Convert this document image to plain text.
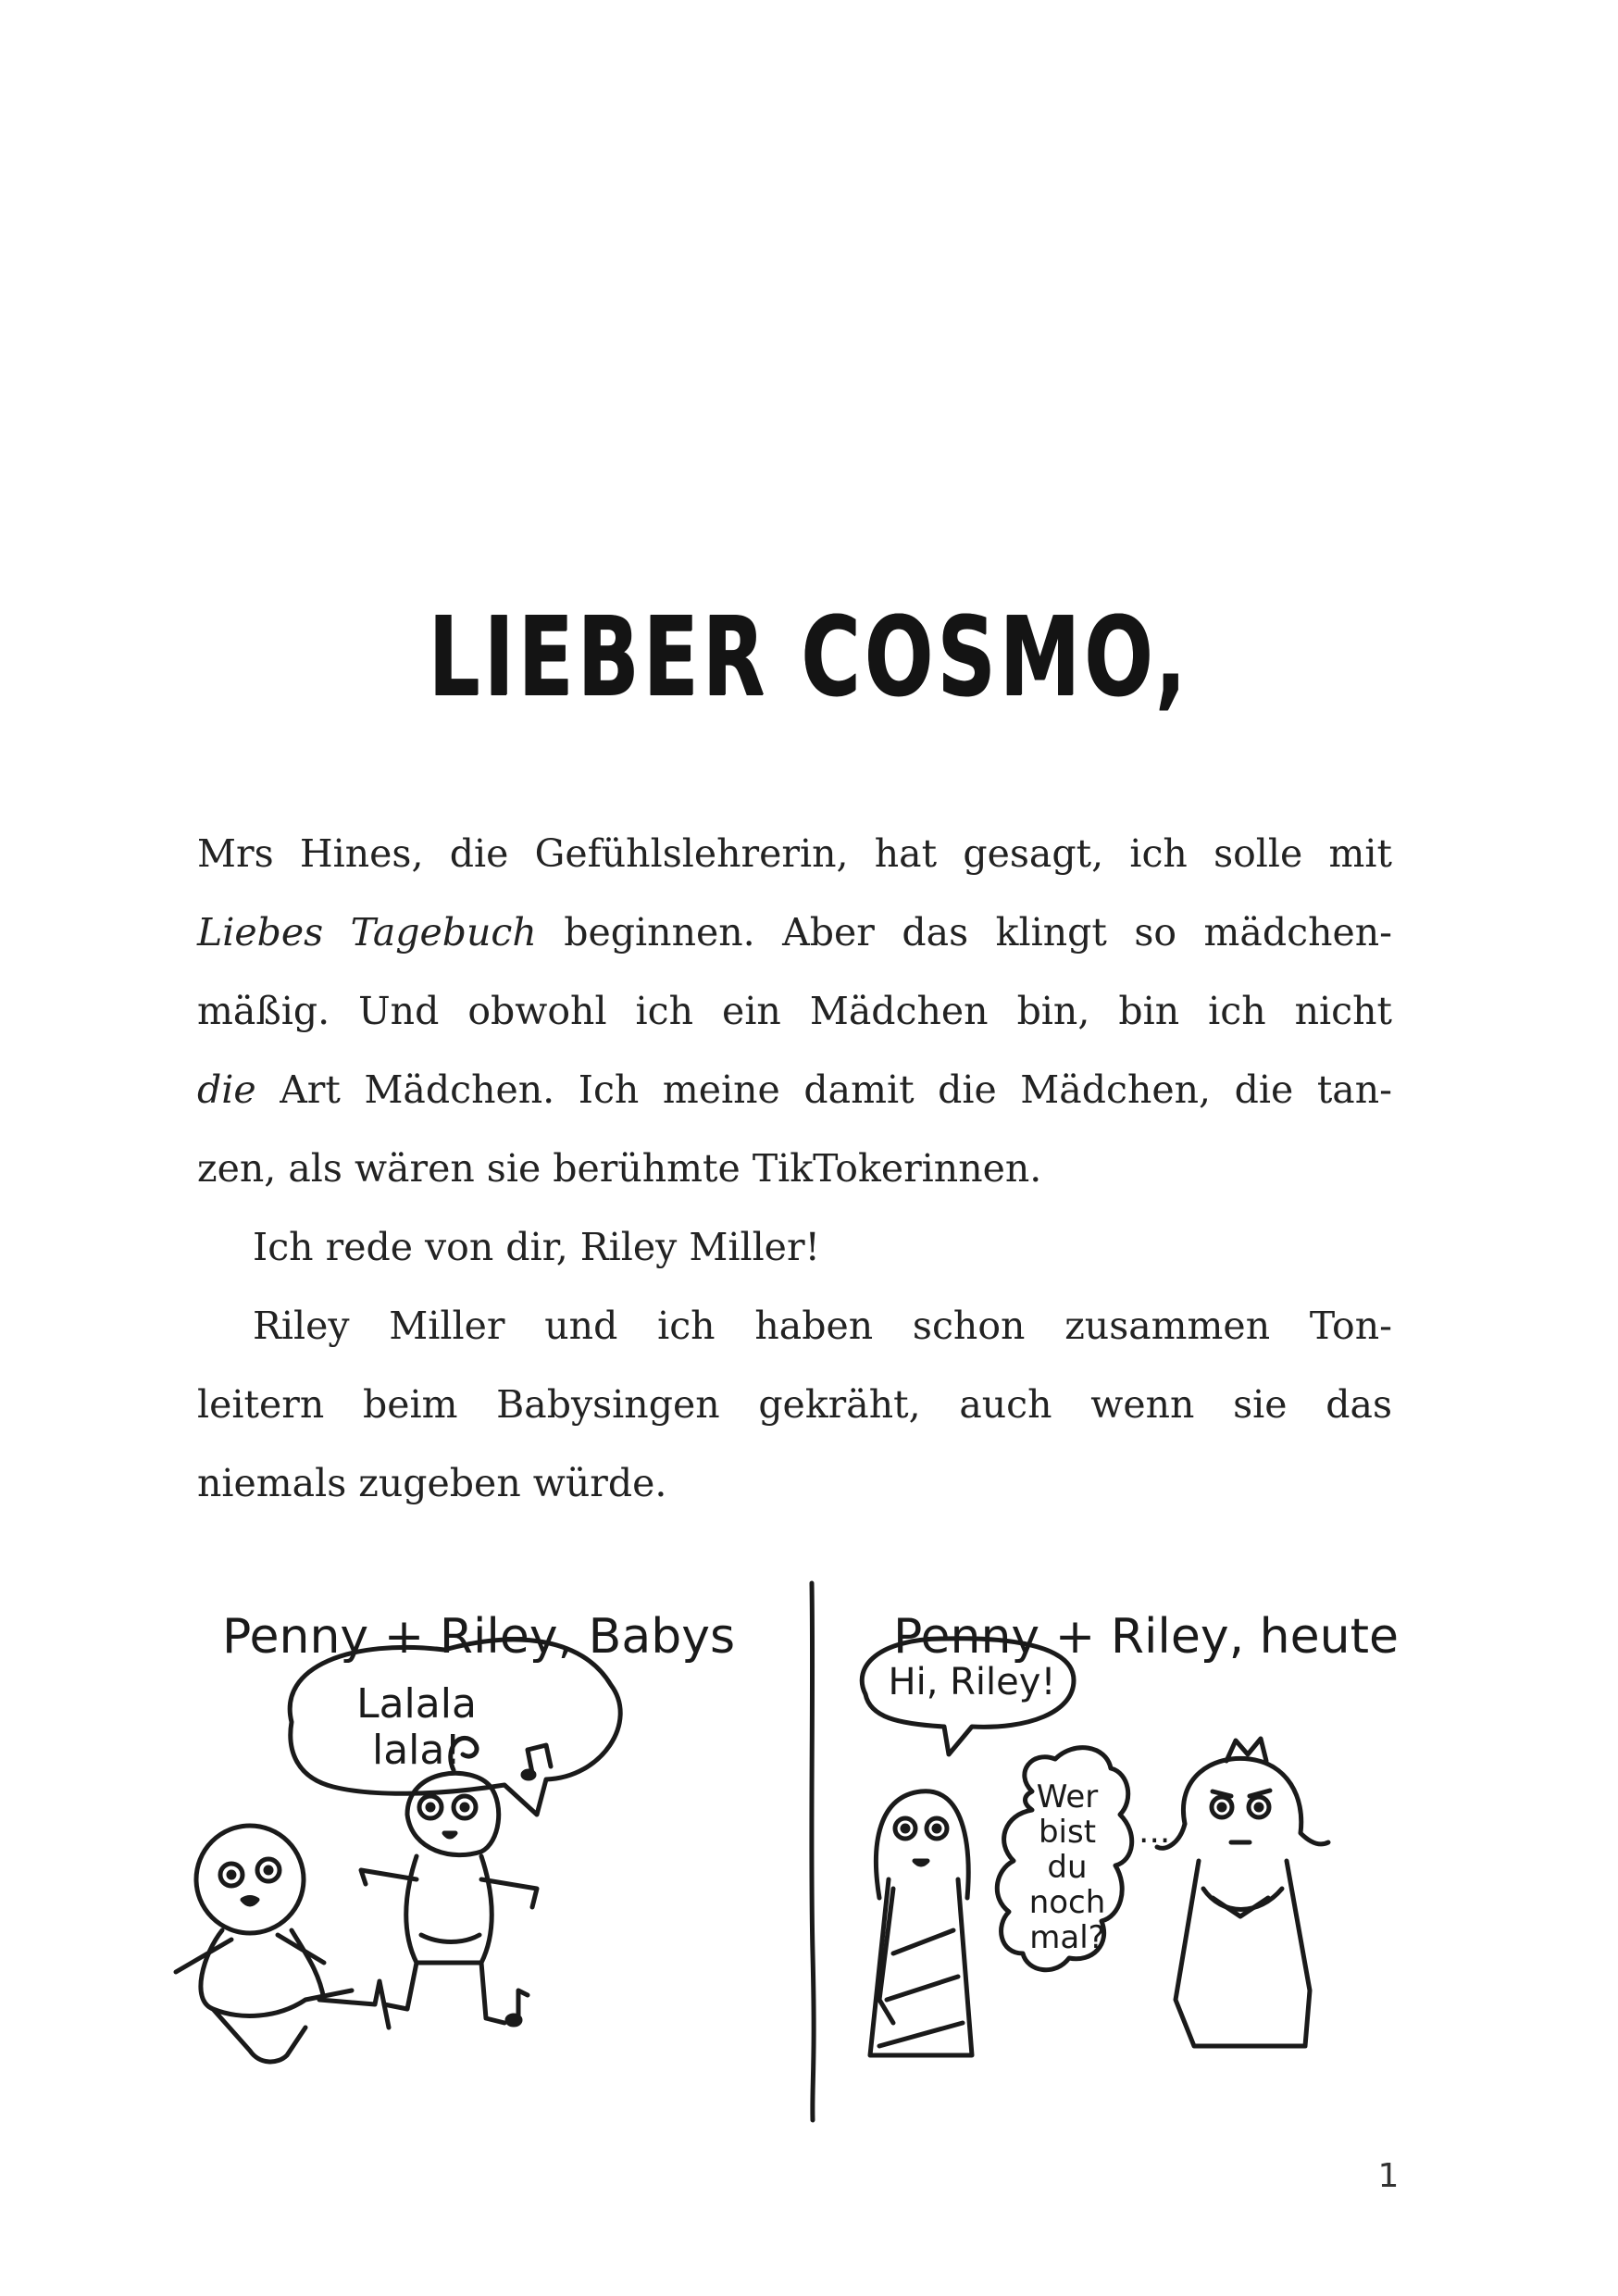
LIEBER COSMO,

Mrs Hines, die Gefühlslehrerin, hat gesagt, ich solle mit
Liebes Tagebuch beginnen. Aber das klingt so mädchen-
mäßig. Und obwohl ich ein Mädchen bin, bin ich nicht
die Art Mädchen. Ich meine damit die Mädchen, die tan-
zen, als wären sie berühmte TikTokerinnen.

Ich rede von dir, Riley Miller!

Riley Miller und ich haben schon zusammen Ton-
leitern beim Babysingen gekräht, auch wenn sie das
niemals zugeben würde.

Penny + Riley, Babys
Lalala
lala!
Penny + Riley, heute
Hi, Riley!
Wer
bist
du
noch
mal?
...
1
